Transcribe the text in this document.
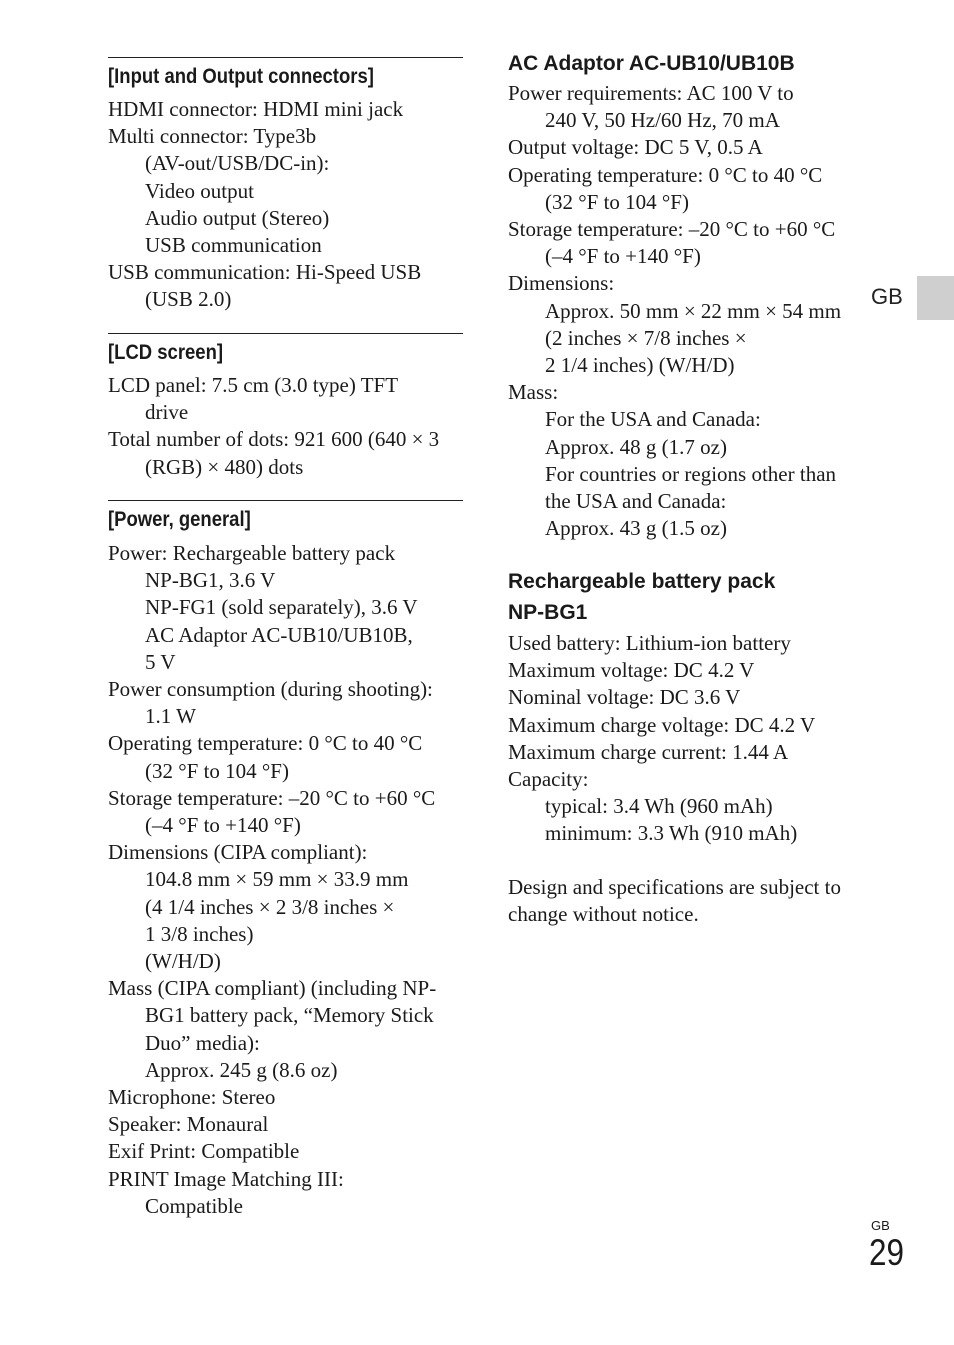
[Input and Output connectors]
HDMI connector: HDMI mini jack
Multi connector: Type3b
(AV-out/USB/DC-in):
Video output
Audio output (Stereo)
USB communication
USB communication: Hi-Speed USB
(USB 2.0)
[LCD screen]
LCD panel: 7.5 cm (3.0 type) TFT
drive
Total number of dots: 921 600 (640 × 3
(RGB) × 480) dots
[Power, general]
Power: Rechargeable battery pack
NP-BG1, 3.6 V
NP-FG1 (sold separately), 3.6 V
AC Adaptor AC-UB10/UB10B,
5 V
Power consumption (during shooting):
1.1 W
Operating temperature: 0 °C to 40 °C
(32 °F to 104 °F)
Storage temperature: –20 °C to +60 °C
(–4 °F to +140 °F)
Dimensions (CIPA compliant):
104.8 mm × 59 mm × 33.9 mm
(4 1/4 inches × 2 3/8 inches ×
1 3/8 inches)
(W/H/D)
Mass (CIPA compliant) (including NP-
BG1 battery pack, “Memory Stick
Duo” media):
Approx. 245 g (8.6 oz)
Microphone: Stereo
Speaker: Monaural
Exif Print: Compatible
PRINT Image Matching III:
Compatible
AC Adaptor AC-UB10/UB10B
Power requirements: AC 100 V to
240 V, 50 Hz/60 Hz, 70 mA
Output voltage: DC 5 V, 0.5 A
Operating temperature: 0 °C to 40 °C
(32 °F to 104 °F)
Storage temperature: –20 °C to +60 °C
(–4 °F to +140 °F)
Dimensions:
Approx. 50 mm × 22 mm × 54 mm
(2 inches × 7/8 inches ×
2 1/4 inches) (W/H/D)
Mass:
For the USA and Canada:
Approx. 48 g (1.7 oz)
For countries or regions other than
the USA and Canada:
Approx. 43 g (1.5 oz)
Rechargeable battery pack
NP-BG1
Used battery: Lithium-ion battery
Maximum voltage: DC 4.2 V
Nominal voltage: DC 3.6 V
Maximum charge voltage: DC 4.2 V
Maximum charge current: 1.44 A
Capacity:
typical: 3.4 Wh (960 mAh)
minimum: 3.3 Wh (910 mAh)
Design and specifications are subject to
change without notice.
GB
GB
29
